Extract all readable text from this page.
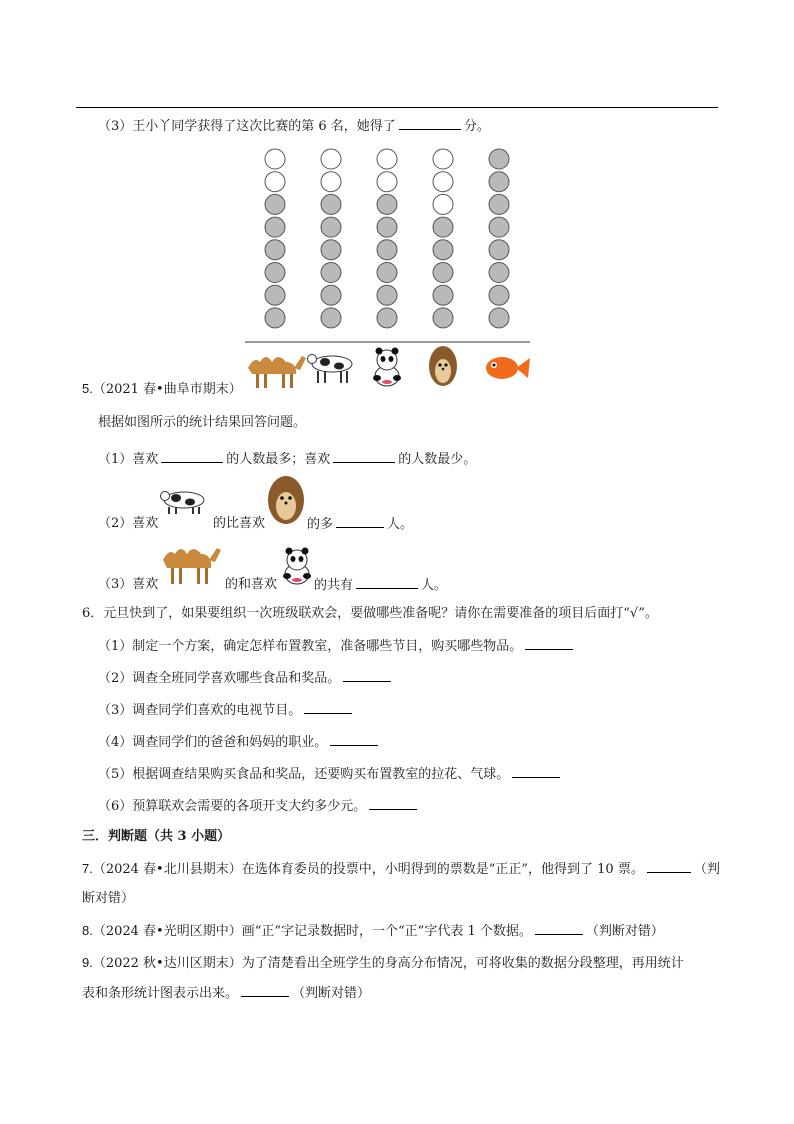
（3）王小丫同学获得了这次比赛的第 6 名，她得了	分。
5.（2021 春•曲阜市期末）
根据如图所示的统计结果回答问题。
（1）喜欢	的人数最多；喜欢	的人数最少。
（2）喜欢	的比喜欢	的多	人。
（3）喜欢	的和喜欢	的共有	人。
6．元旦快到了，如果要组织一次班级联欢会，要做哪些准备呢？请你在需要准备的项目后面打“√”。
（1）制定一个方案，确定怎样布置教室，准备哪些节目，购买哪些物品。
（2）调查全班同学喜欢哪些食品和奖品。
（3）调查同学们喜欢的电视节目。
（4）调查同学们的爸爸和妈妈的职业。
（5）根据调查结果购买食品和奖品，还要购买布置教室的拉花、气球。
（6）预算联欢会需要的各项开支大约多少元。
三．判断题（共 3 小题）
7.（2024 春•北川县期末）在选体育委员的投票中，小明得到的票数是“正正”，他得到了 10 票。	（判
断对错）
8.（2024 春•光明区期中）画“正”字记录数据时，一个“正”字代表 1 个数据。	（判断对错）
9.（2022 秋•达川区期末）为了清楚看出全班学生的身高分布情况，可将收集的数据分段整理，再用统计
表和条形统计图表示出来。	（判断对错）
